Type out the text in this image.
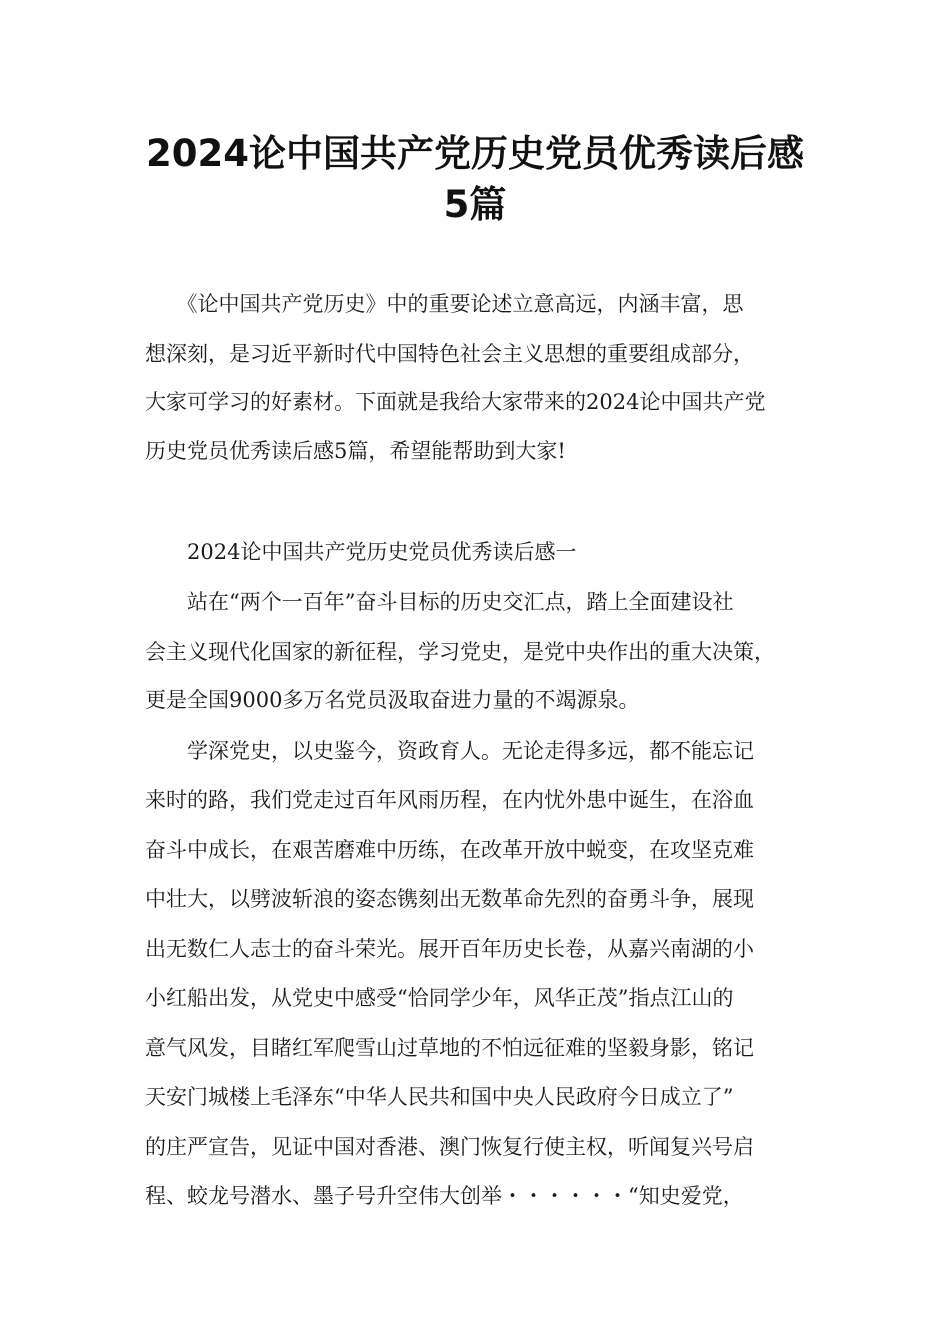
2024论中国共产党历史党员优秀读后感
5篇

　　《论中国共产党历史》中的重要论述立意高远，内涵丰富，思

想深刻，是习近平新时代中国特色社会主义思想的重要组成部分，

大家可学习的好素材。下面就是我给大家带来的2024论中国共产党

历史党员优秀读后感5篇，希望能帮助到大家!

　　2024论中国共产党历史党员优秀读后感一

　　站在“两个一百年”奋斗目标的历史交汇点，踏上全面建设社

会主义现代化国家的新征程，学习党史，是党中央作出的重大决策，

更是全国9000多万名党员汲取奋进力量的不竭源泉。

　　学深党史，以史鉴今，资政育人。无论走得多远，都不能忘记

来时的路，我们党走过百年风雨历程，在内忧外患中诞生，在浴血

奋斗中成长，在艰苦磨难中历练，在改革开放中蜕变，在攻坚克难

中壮大，以劈波斩浪的姿态镌刻出无数革命先烈的奋勇斗争，展现

出无数仁人志士的奋斗荣光。展开百年历史长卷，从嘉兴南湖的小

小红船出发，从党史中感受“恰同学少年，风华正茂”指点江山的

意气风发，目睹红军爬雪山过草地的不怕远征难的坚毅身影，铭记

天安门城楼上毛泽东“中华人民共和国中央人民政府今日成立了”

的庄严宣告，见证中国对香港、澳门恢复行使主权，听闻复兴号启

程、蛟龙号潜水、墨子号升空伟大创举・・・・・・“知史爱党，
